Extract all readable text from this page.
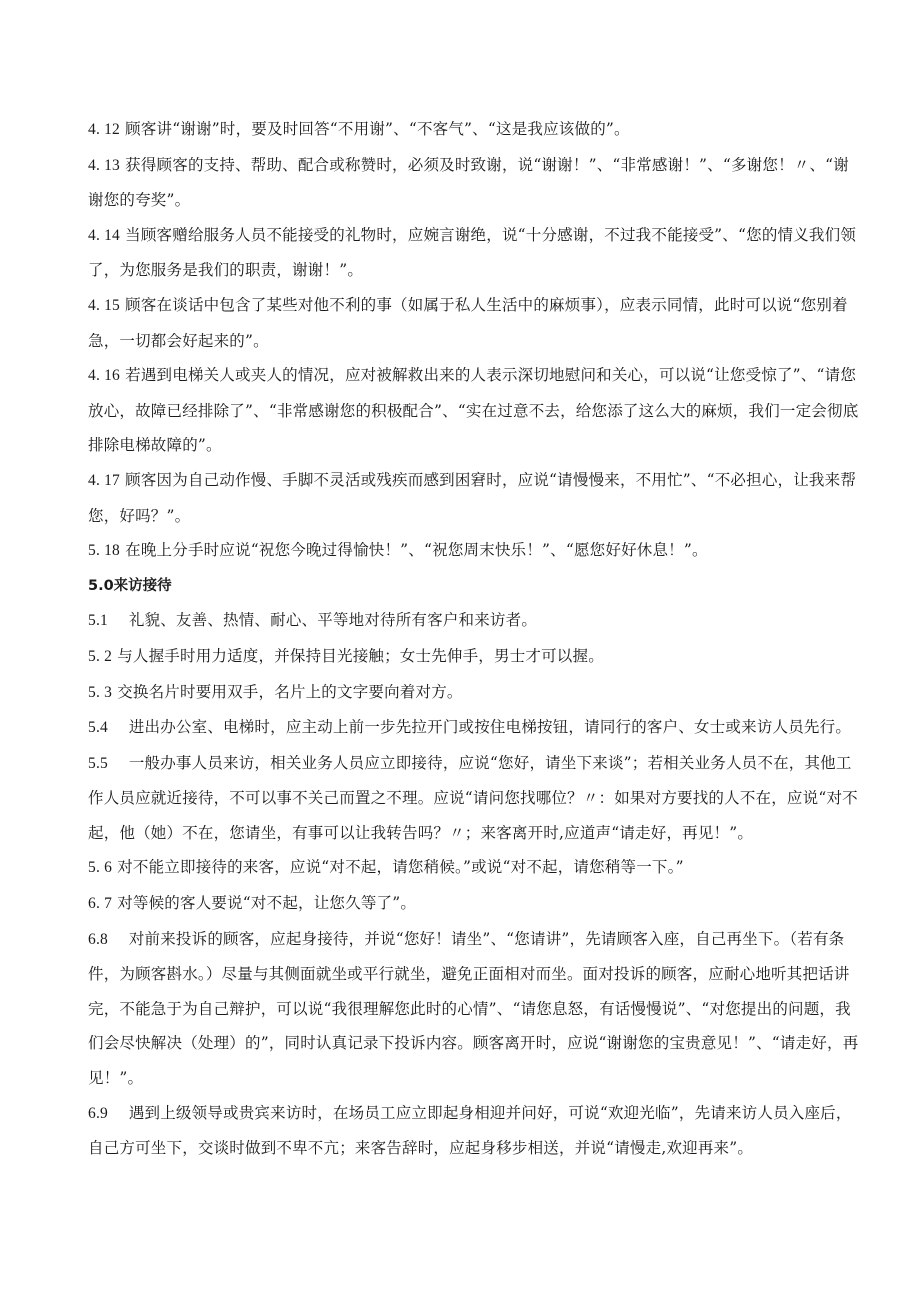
4. 12 顾客讲“谢谢”时，要及时回答“不用谢”、“不客气”、“这是我应该做的”。

4. 13 获得顾客的支持、帮助、配合或称赞时，必须及时致谢，说“谢谢！”、“非常感谢！”、“多谢您！〃、“谢谢您的夸奖”。

4. 14 当顾客赠给服务人员不能接受的礼物时，应婉言谢绝，说“十分感谢，不过我不能接受”、“您的情义我们领了，为您服务是我们的职责，谢谢！”。

4. 15 顾客在谈话中包含了某些对他不利的事（如属于私人生活中的麻烦事），应表示同情，此时可以说“您别着急，一切都会好起来的”。

4. 16 若遇到电梯关人或夹人的情况，应对被解救出来的人表示深切地慰问和关心，可以说“让您受惊了”、“请您放心，故障已经排除了”、“非常感谢您的积极配合”、“实在过意不去，给您添了这么大的麻烦，我们一定会彻底排除电梯故障的”。

4. 17 顾客因为自己动作慢、手脚不灵活或残疾而感到困窘时，应说“请慢慢来，不用忙”、“不必担心，让我来帮您，好吗？”。

5. 18 在晚上分手时应说“祝您今晚过得愉快！”、“祝您周末快乐！”、“愿您好好休息！”。

5.0来访接待

5.1 　礼貌、友善、热情、耐心、平等地对待所有客户和来访者。

5. 2 与人握手时用力适度，并保持目光接触；女士先伸手，男士才可以握。

5. 3 交换名片时要用双手，名片上的文字要向着对方。

5.4 　进出办公室、电梯时，应主动上前一步先拉开门或按住电梯按钮，请同行的客户、女士或来访人员先行。

5.5 　一般办事人员来访，相关业务人员应立即接待，应说“您好，请坐下来谈”；若相关业务人员不在，其他工作人员应就近接待，不可以事不关己而置之不理。应说“请问您找哪位？〃：如果对方要找的人不在，应说“对不起，他（她）不在，您请坐，有事可以让我转告吗？〃；来客离开时,应道声“请走好，再见！”。

5. 6 对不能立即接待的来客，应说“对不起，请您稍候。”或说“对不起，请您稍等一下。”

6. 7 对等候的客人要说“对不起，让您久等了”。

6.8 　对前来投诉的顾客，应起身接待，并说“您好！请坐”、“您请讲”，先请顾客入座，自己再坐下。（若有条件，为顾客斟水。）尽量与其侧面就坐或平行就坐，避免正面相对而坐。面对投诉的顾客，应耐心地听其把话讲完，不能急于为自己辩护，可以说“我很理解您此时的心情”、“请您息怒，有话慢慢说”、“对您提出的问题，我们会尽快解决（处理）的”，同时认真记录下投诉内容。顾客离开时，应说“谢谢您的宝贵意见！”、“请走好，再见！”。

6.9 　遇到上级领导或贵宾来访时，在场员工应立即起身相迎并问好，可说“欢迎光临”，先请来访人员入座后，自己方可坐下，交谈时做到不卑不亢；来客告辞时，应起身移步相送，并说“请慢走,欢迎再来”。
